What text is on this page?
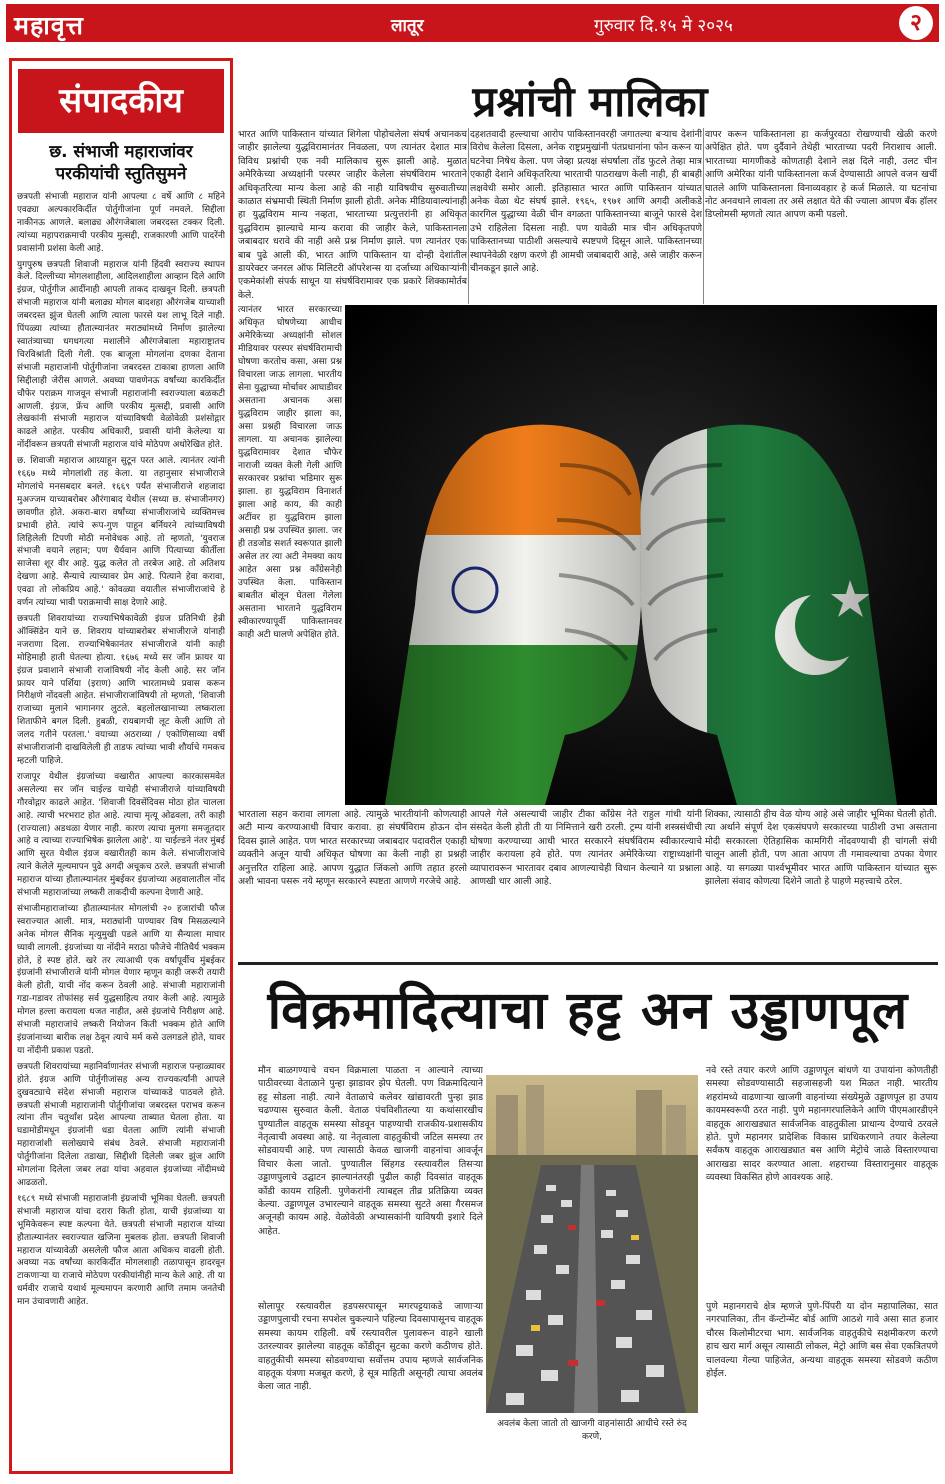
महावृत्त	लातूर	गुरुवार दि.१५ मे २०२५	२
संपादकीय
छ. संभाजी महाराजांवर परकीयांची स्तुतिसुमने

छत्रपती संभाजी महाराज यांनी आपल्या ८ वर्षे आणि ८ महिने एवढ्या अल्पकारकिर्दीत पोर्तुगीजांना पूर्ण नमवले. सिद्दीला नाकीनऊ आणले. बलाढ्य औरंगजेबाला जबरदस्त टक्कर दिली. त्यांच्या महापराक्रमाची परकीय मुत्सद्दी, राजकारणी आणि पादरेंनी प्रवासांनी प्रशंसा केली आहे.

युगपुरुष छत्रपती शिवाजी महाराज यांनी हिंदवी स्वराज्य स्थापन केले. दिल्लीच्या मोगलशाहीला, आदिलशाहीला आव्हान दिले आणि इंग्रज, पोर्तुगीज आदींनाही आपली ताकद दाखवून दिली. छत्रपती संभाजी महाराज यांनी बलाढ्य मोगल बादशहा औरंगजेब याच्याशी जबरदस्त झुंज घेतली आणि त्याला फारसे यश लाभू दिले नाही. पिंपळ्या त्यांच्या हौतात्म्यानंतर मराठ्यांमध्ये निर्माण झालेल्या स्वातंत्र्याच्या धगधगत्या मशालीने औरंगजेबाला महाराष्ट्रातच चिरविश्रांती दिली गेली. एक बाजूला मोगलांना दणका देताना संभाजी महाराजांनी पोर्तुगीजांना जबरदस्त टाकाबा हाणला आणि सिद्दीलाही जेरीस आणले. अवघ्या पावणेनऊ वर्षांच्या कारकिर्दीत चौफेर पराक्रम गाजवून संभाजी महाराजांनी स्वराज्याला बळकटी आणली. इंग्रज, फ्रेंच आणि परकीय मुत्सद्दी, प्रवासी आणि लेखकांनी संभाजी महाराज यांच्याविषयी वेळोवेळी प्रशंसोद्गार काढले आहेत. परकीय अधिकारी, प्रवासी यांनी केलेल्या या नोंदींवरून छत्रपती संभाजी महाराज यांचे मोठेपण अधोरेखित होते.

छ. शिवाजी महाराज आग्र्याहून सुटून परत आले. त्यानंतर त्यांनी १६६७ मध्ये मोगलांशी तह केला. या तहानुसार संभाजीराजे मोगलांचे मनसबदार बनले. १६६९ पर्यंत संभाजीराजे शहजादा मुअज्जम याच्याबरोबर औरंगाबाद येथील (सध्या छ. संभाजीनगर) छावणीत होते. अकरा-बारा वर्षांच्या संभाजीराजांचे व्यक्तिमत्त्व प्रभावी होते. त्यांचे रूप-गुण पाहून बर्नियरने त्यांच्याविषयी लिहिलेली टिपणी मोठी मनोवेधक आहे. तो म्हणतो, 'युवराज संभाजी वयाने लहान; पण धैर्यवान आणि पित्याच्या कीर्तीला साजेसा शूर वीर आहे. युद्ध कलेत तो तरबेज आहे. तो अतिशय देखणा आहे. सैन्याचे त्याच्यावर प्रेम आहे. पित्याने हेवा करावा, एवढा तो लोकप्रिय आहे.' कोवळ्या वयातील संभाजीराजांचे हे वर्णन त्यांच्या भावी पराक्रमाची साक्ष देणारे आहे.

छत्रपती शिवरायांच्या राज्याभिषेकावेळी इंग्रज प्रतिनिधी हेन्री ऑक्सिंडेन याने छ. शिवराय यांच्याबरोबर संभाजीराजे यांनाही नजराणा दिला. राज्याभिषेकानंतर संभाजीराजे यांनी काही मोहिमाही हाती घेतल्या होत्या. १६७६ मध्ये सर जॉन फ्रायर या इंग्रज प्रवाशाने संभाजी राजांविषयी नोंद केली आहे. सर जॉन फ्रायर याने पर्शिया (इराण) आणि भारतामध्ये प्रवास करून निरीक्षणे नोंदवली आहेत. संभाजीराजांविषयी तो म्हणतो, 'शिवाजी राजाच्या मुलाने भागानगर लुटले. बहलोलखानाच्या लष्कराला शिताफीने बगल दिली. हुबळी, रायबागची लूट केली आणि तो जलद गतीने परतला.' वयाच्या अठराव्या / एकोणिसाव्या वर्षी संभाजीराजांनी दाखविलेली ही ताडफ त्यांच्या भावी शौर्याचे गमकच म्हटली पाहिजे.

राजापूर येथील इंग्रजांच्या वखारीत आपल्या कारकासमवेत असलेल्या सर जॉन चाईल्ड याचेही संभाजीराजे यांच्याविषयी गौरवोद्गार काढले आहेत. 'शिवाजी दिवसेंदिवस मोठा होत चालला आहे. त्याची भरभराट होत आहे. त्याचा मृत्यू ओढवला, तरी काही (राज्याला) अडथळा येणार नाही. कारण त्याचा मुलगा समजूतदार आहे व त्याच्या राज्याभिषेक झालेला आहे'. या चाईल्डने नंतर मुंबई आणि सुरत येथील इंग्रज वखारीतही काम केले. संभाजीराजांचे त्याने केलेले मूल्यमापन पुढे अगदी अचूकच ठरले. छत्रपती संभाजी महाराज यांच्या हौतात्म्यानंतर मुंबईकर इंग्रजांच्या अहवालातील नोंद संभाजी महाराजांच्या लष्करी ताकदीची कल्पना देणारी आहे.

संभाजीमहाराजांच्या हौतात्म्यानंतर मोगलांची २० हजारांची फौज स्वराज्यात आली. मात्र, मराठ्यांनी पाण्यावर विष मिसळल्याने अनेक मोगल सैनिक मृत्युमुखी पडले आणि या सैन्याला माघार घ्यावी लागली. इंग्रजांच्या या नोंदीने मराठा फौजेचे नीतिधैर्य भक्कम होते, हे स्पष्ट होते. खरे तर त्याआधी एक वर्षापूर्वीच मुंबईकर इंग्रजांनी संभाजीराजे यांनी मोगल येणार म्हणून काही जरूरी तयारी केली होती, याची नोंद करून ठेवली आहे. संभाजी महाराजांनी गडा-गडावर तोफांसह सर्व युद्धसाहित्य तयार केली आहे. त्यामुळे मोगल हल्ला करायला धजत नाहीत, असे इंग्रजांचे निरीक्षण आहे. संभाजी महाराजांचे लष्करी नियोजन किती भक्कम होते आणि इंग्रजांनाच्या बारीक लक्ष ठेवून त्याचे मर्म कसे उलगडले होते, यावर या नोंदीनी प्रकाश पडतो.

छत्रपती शिवरायांच्या महानिर्वाणानंतर संभाजी महाराज पन्हाळ्यावर होते. इंग्रज आणि पोर्तुगीजांसह अन्य राज्यकर्त्यांनी आपले दुखवट्याचे संदेश संभाजी महाराज यांच्याकडे पाठवले होते. छत्रपती संभाजी महाराजांनी पोर्तुगीजांचा जबरदस्त पराभव करून त्यांना तीन चतुर्थांश प्रदेश आपल्या ताब्यात घेतला होता. या घडामोडीमधून इंग्रजांनी धडा घेतला आणि त्यांनी संभाजी महाराजांशी सलोख्याचे संबंध ठेवले. संभाजी महाराजांनी पोर्तुगीजांना दिलेला तडाखा, सिद्दीशी दिलेली जबर झुंज आणि मोगलांना दिलेला जबर लढा यांचा अहवाल इंग्रजांच्या नोंदीमध्ये आढळतो.

१६८९ मध्ये संभाजी महाराजांनी इंग्रजांची भूमिका घेतली. छत्रपती संभाजी महाराज यांचा दरारा किती होता, याची इंग्रजांच्या या भूमिकेवरून स्पष्ट कल्पना येते. छत्रपती संभाजी महाराज यांच्या हौतात्म्यानंतर स्वराज्यात खजिना मुबलक होता. छत्रपती शिवाजी महाराज यांच्यावेळी असलेली फौज आता अधिकच वाढली होती. अवघ्या नऊ वर्षांच्या कारकिर्दीत मोगलशाही तळापासून हादरवून टाकणाऱ्या या राजाचे मोठेपण परकीयांनीही मान्य केले आहे. ती या धर्मवीर राजाचे यथार्थ मूल्यमापन करणारी आणि तमाम जनतेची मान उंचावणारी आहेत.

प्रश्नांची मालिका
भारत आणि पाकिस्तान यांच्यात शिगेला पोहोचलेला संघर्ष अचानकच जाहीर झालेल्या युद्धविरामानंतर निवळला, पण त्यानंतर देशात मात्र विविध प्रश्नांची एक नवी मालिकाच सुरू झाली आहे. मुळात अमेरिकेच्या अध्यक्षांनी परस्पर जाहीर केलेला संघर्षविराम भारताने अधिकृतरित्या मान्य केला आहे की नाही याविषयीच सुरुवातीच्या काळात संभ्रमाची स्थिती निर्माण झाली होती. अनेक मीडियावाल्यांनाही हा युद्धविराम मान्य नव्हता, भारताच्या प्रत्युत्तरांनी हा अधिकृत युद्धविराम झाल्याचे मान्य करावा की जाहीर केले, पाकिस्तानला जबाबदार धरावे की नाही असे प्रश्न निर्माण झाले. पण त्यानंतर एक बाब पुढे आली की, भारत आणि पाकिस्तान या दोन्ही देशांतील डायरेक्टर जनरल ऑफ मिलिटरी ऑपरेशन्स या दर्जाच्या अधिकाऱ्यांनी एकमेकांशी संपर्क साधून या संघर्षविरामावर एक प्रकारे शिक्कामोर्तब केले.
दहशतवादी हल्ल्याचा आरोप पाकिस्तानवरही जगातल्या बऱ्याच देशांनी विरोध केलेला दिसला, अनेक राष्ट्रप्रमुखांनी पंतप्रधानांना फोन करून या घटनेचा निषेध केला. पण जेव्हा प्रत्यक्ष संघर्षाला तोंड फुटले तेव्हा मात्र एकाही देशाने अधिकृतरित्या भारताची पाठराखण केली नाही, ही बाबही लक्षवेधी समोर आली. इतिहासात भारत आणि पाकिस्तान यांच्यात अनेक वेळा थेट संघर्ष झाले. १९६५, १९७१ आणि अगदी अलीकडे कारगिल युद्धाच्या वेळी चीन वगळता पाकिस्तानच्या बाजूने फारसे देश उभे राहिलेला दिसला नाही. पण यावेळी मात्र चीन अधिकृतपणे पाकिस्तानच्या पाठीशी असल्याचे स्पष्टपणे दिसून आले. पाकिस्तानच्या स्थापनेवेळी रक्षण करणे ही आमची जबाबदारी आहे, असे जाहीर करून चीनकडून झाले आहे.
वापर करून पाकिस्तानला हा कर्जपुरवठा रोखण्याची खेळी करणे अपेक्षित होते. पण दुर्दैवाने तेथेही भारताच्या पदरी निराशाच आली. भारताच्या मागणीकडे कोणताही देशाने लक्ष दिले नाही, उलट चीन आणि अमेरिका यांनी पाकिस्तानला कर्ज देण्यासाठी आपले वजन खर्ची घातले आणि पाकिस्तानला विनाव्यवहार हे कर्ज मिळाले. या घटनांचा नोट अनवधाने लावला तर असे लक्षात येते की ज्याला आपण बँक हॉलर डिप्लोमसी म्हणतो त्यात आपण कमी पडलो.
त्यानंतर भारत सरकारच्या अधिकृत घोषणेच्या आधीच अमेरिकेच्या अध्यक्षांनी सोशल मीडियावर परस्पर संघर्षविरामाची घोषणा करतोच कसा, असा प्रश्न विचारला जाऊ लागला. भारतीय सेना युद्धाच्या मोर्चावर आघाडीवर असताना अचानक असा युद्धविराम जाहीर झाला का, असा प्रश्नही विचारला जाऊ लागला. या अचानक झालेल्या युद्धविरामावर देशात चौफेर नाराजी व्यक्त केली गेली आणि सरकारवर प्रश्नांचा भडिमार सुरू झाला. हा युद्धविराम विनाशर्त झाला आहे काय, की काही अटींवर हा युद्धविराम झाला असाही प्रश्न उपस्थित झाला. जर ही तडजोड सशर्त स्वरूपात झाली असेल तर त्या अटी नेमक्या काय आहेत असा प्रश्न काँग्रेसनेही उपस्थित केला. पाकिस्तान बाबतीत बोलून घेतला गेलेला असताना भारताने युद्धविराम स्वीकारण्यापूर्वी पाकिस्तानवर काही अटी घालणे अपेक्षित होते.
भारताला सहन करावा लागला आहे. त्यामुळे भारतीयांनी कोणत्याही अटी मान्य करण्याआधी विचार करावा. हा संघर्षविराम होऊन दोन दिवस झाले आहेत. पण भारत सरकारच्या जबाबदार पदावरील एकाही व्यक्तीने अजून याची अधिकृत घोषणा का केली नाही हा प्रश्नही अनुत्तरित राहिला आहे. आपण युद्धात जिंकलो आणि तहात हरलो अशी भावना पसरू नये म्हणून सरकारने स्पष्टता आणणे गरजेचे आहे.
आपले गेले असल्याची जाहीर टीका काँग्रेस नेते राहुल गांधी यांनी संसदेत केली होती ती या निमित्ताने खरी ठरली. ट्रम्प यांनी शस्त्रसंधीची घोषणा करण्याच्या आधी भारत सरकारने संघर्षविराम स्वीकारल्याचे जाहीर करायला हवे होते. पण त्यानंतर अमेरिकेच्या राष्ट्राध्यक्षांनी व्यापारावरून भारतावर दबाव आणल्याचेही विधान केल्याने या प्रश्नाला आणखी धार आली आहे.
शिक्का, त्यासाठी हीच वेळ योग्य आहे असे जाहीर भूमिका घेतली होती. त्या अर्थाने संपूर्ण देश एकसंघपणे सरकारच्या पाठीशी उभा असताना मोदी सरकारला ऐतिहासिक कामगिरी नोंदवण्याची ही चांगली संधी चालून आली होती, पण आता आपण ती गमावल्याचा ठपका येणार आहे. या सगळ्या पार्श्वभूमीवर भारत आणि पाकिस्तान यांच्यात सुरू झालेला संवाद कोणत्या दिशेने जातो हे पाहणे महत्त्वाचे ठरेल.
विक्रमादित्याचा हट्ट अन उड्डाणपूल
मौन बाळगण्याचे वचन विक्रमाला पाळता न आल्याने त्याच्या पाठीवरच्या वेताळाने पुन्हा झाडावर झेप घेतली. पण विक्रमादित्याने हट्ट सोडला नाही. त्याने वेताळाचे कलेवर खांद्यावरती पुन्हा झाड चढण्यास सुरुवात केली. वेताळ पंचविशीतल्या या कथांसारखीच पुण्यातील वाहतूक समस्या सोडवून पाहण्याची राजकीय-प्रशासकीय नेतृत्वाची अवस्था आहे. या नेतृत्वाला वाहतुकीची जटिल समस्या तर सोडवायची आहे. पण त्यासाठी केवळ खाजगी वाहनांचा आवर्जून विचार केला जातो. पुण्यातील सिंहगड रस्त्यावरील तिसऱ्या उड्डाणपुलाचे उद्घाटन झाल्यानंतरही पुढील काही दिवसांत वाहतूक कोंडी कायम राहिली. पुणेकरांनी त्याबद्दल तीव्र प्रतिक्रिया व्यक्त केल्या. उड्डाणपूल उभारल्याने वाहतूक समस्या सुटते असा गैरसमज अजूनही कायम आहे. वेळोवेळी अभ्यासकांनी याविषयी इशारे दिले आहेत.
सोलापूर रस्त्यावरील हडपसरपासून मगरपट्टयाकडे जाणाऱ्या उड्डाणपुलाची रचना सपशेल चुकल्याने पहिल्या दिवसापासूनच वाहतूक समस्या कायम राहिली. वर्षे रस्त्यावरील पुलावरून वाहने खाली उतरल्यावर झालेल्या वाहतूक कोंडीतून सुटका करणे कठीणच होते. वाहतुकीची समस्या सोडवण्याचा सर्वोत्तम उपाय म्हणजे सार्वजनिक वाहतूक यंत्रणा मजबूत करणे, हे सूत्र माहिती असूनही त्याचा अवलंब केला जात नाही.
अवलंब केला जातो तो खाजगी वाहनांसाठी आधीचे रस्ते रुंद करणे,
नवे रस्ते तयार करणे आणि उड्डाणपूल बांधणे या उपायांना कोणतीही समस्या सोडवण्यासाठी सहजासहजी यश मिळत नाही. भारतीय शहरांमध्ये वाढणाऱ्या खाजगी वाहनांच्या संख्येमुळे उड्डाणपूल हा उपाय कायमस्वरूपी ठरत नाही. पुणे महानगरपालिकेने आणि पीएमआरडीएने वाहतूक आराखड्यात सार्वजनिक वाहतुकीला प्राधान्य देण्याचे ठरवले होते. पुणे महानगर प्रादेशिक विकास प्राधिकरणाने तयार केलेल्या सर्वंकष वाहतूक आराखड्यात बस आणि मेट्रोचे जाळे विस्तारण्याचा आराखडा सादर करण्यात आला. शहराच्या विस्तारानुसार वाहतूक व्यवस्था विकसित होणे आवश्यक आहे.
पुणे महानगराचे क्षेत्र म्हणजे पुणे-पिंपरी या दोन महापालिका, सात नगरपालिका, तीन कॅन्टोन्मेंट बोर्ड आणि आठशे गावे असा सात हजार चौरस किलोमीटरचा भाग. सार्वजनिक वाहतुकीचे सक्षमीकरण करणे हाच खरा मार्ग असून त्यासाठी लोकल, मेट्रो आणि बस सेवा एकत्रितपणे चालवल्या गेल्या पाहिजेत, अन्यथा वाहतूक समस्या सोडवणे कठीण होईल.
